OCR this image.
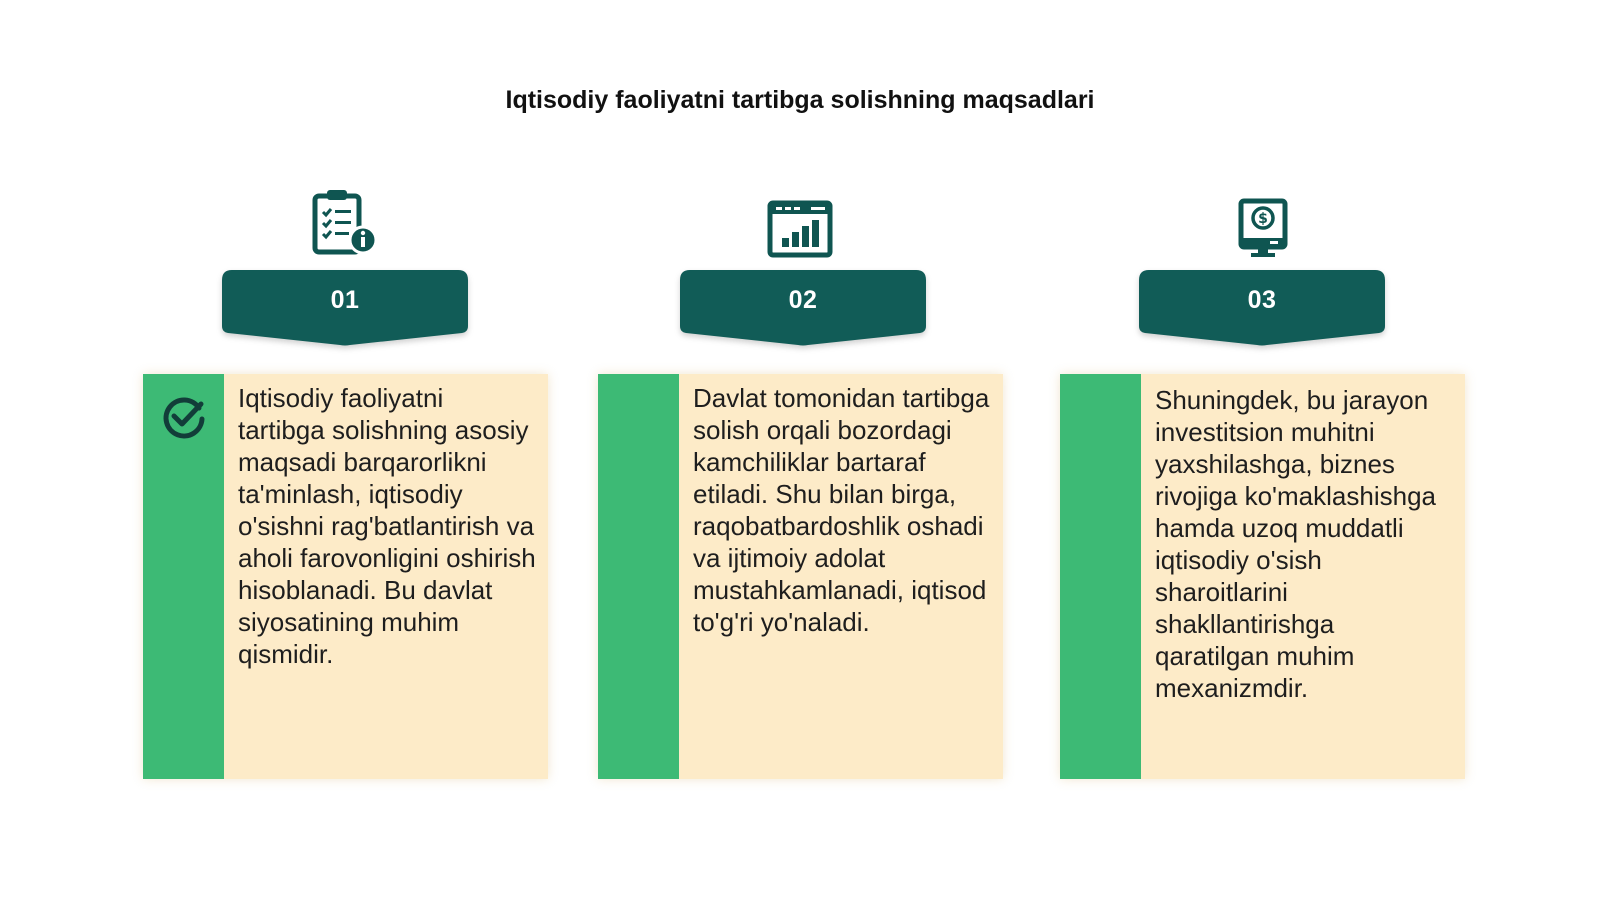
Iqtisodiy faoliyatni tartibga solishning maqsadlari
01
Iqtisodiy faoliyatni tartibga solishning asosiy maqsadi barqarorlikni ta'minlash, iqtisodiy o'sishni rag'batlantirish va aholi farovonligini oshirish hisoblanadi. Bu davlat siyosatining muhim qismidir.
02
Davlat tomonidan tartibga solish orqali bozordagi kamchiliklar bartaraf etiladi. Shu bilan birga, raqobatbardoshlik oshadi va ijtimoiy adolat mustahkamlanadi, iqtisod to'g'ri yo'naladi.
$
03
Shuningdek, bu jarayon investitsion muhitni yaxshilashga, biznes rivojiga ko'maklashishga hamda uzoq muddatli iqtisodiy o'sish sharoitlarini shakllantirishga qaratilgan muhim mexanizmdir.
